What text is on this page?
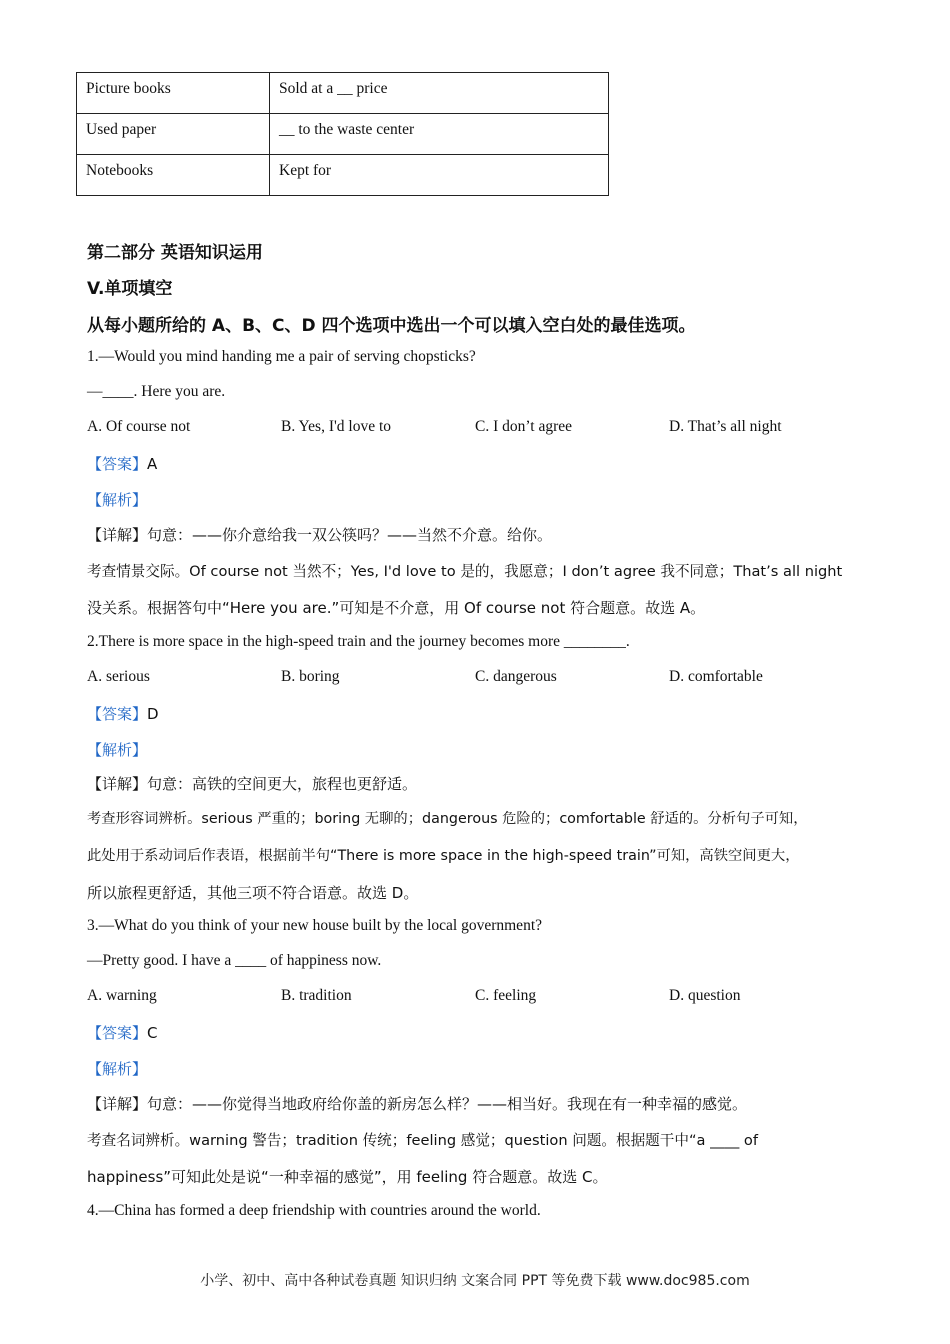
Picture books	Sold at a __ price
Used paper	__ to the waste center
Notebooks	Kept for
第二部分 英语知识运用
V.单项填空
从每小题所给的 A、B、C、D 四个选项中选出一个可以填入空白处的最佳选项。
1.—Would you mind handing me a pair of serving chopsticks?
—____. Here you are.
A. Of course not	B. Yes, I'd love to	C. I don’t agree	D. That’s all night
【答案】A
【解析】
【详解】句意：——你介意给我一双公筷吗？——当然不介意。给你。
考查情景交际。Of course not 当然不；Yes, I'd love to 是的，我愿意；I don’t agree 我不同意；That’s all night
没关系。根据答句中“Here you are.”可知是不介意，用 Of course not 符合题意。故选 A。
2.There is more space in the high-speed train and the journey becomes more ________.
A. serious	B. boring	C. dangerous	D. comfortable
【答案】D
【解析】
【详解】句意：高铁的空间更大，旅程也更舒适。
考查形容词辨析。serious 严重的；boring 无聊的；dangerous 危险的；comfortable 舒适的。分析句子可知，
此处用于系动词后作表语，根据前半句“There is more space in the high-speed train”可知，高铁空间更大，
所以旅程更舒适，其他三项不符合语意。故选 D。
3.—What do you think of your new house built by the local government?
—Pretty good. I have a ____ of happiness now.
A. warning	B. tradition	C. feeling	D. question
【答案】C
【解析】
【详解】句意：——你觉得当地政府给你盖的新房怎么样？——相当好。我现在有一种幸福的感觉。
考查名词辨析。warning 警告；tradition 传统；feeling 感觉；question 问题。根据题干中“a ____ of
happiness”可知此处是说“一种幸福的感觉”，用 feeling 符合题意。故选 C。
4.—China has formed a deep friendship with countries around the world.
小学、初中、高中各种试卷真题 知识归纳 文案合同 PPT 等免费下载 www.doc985.com
